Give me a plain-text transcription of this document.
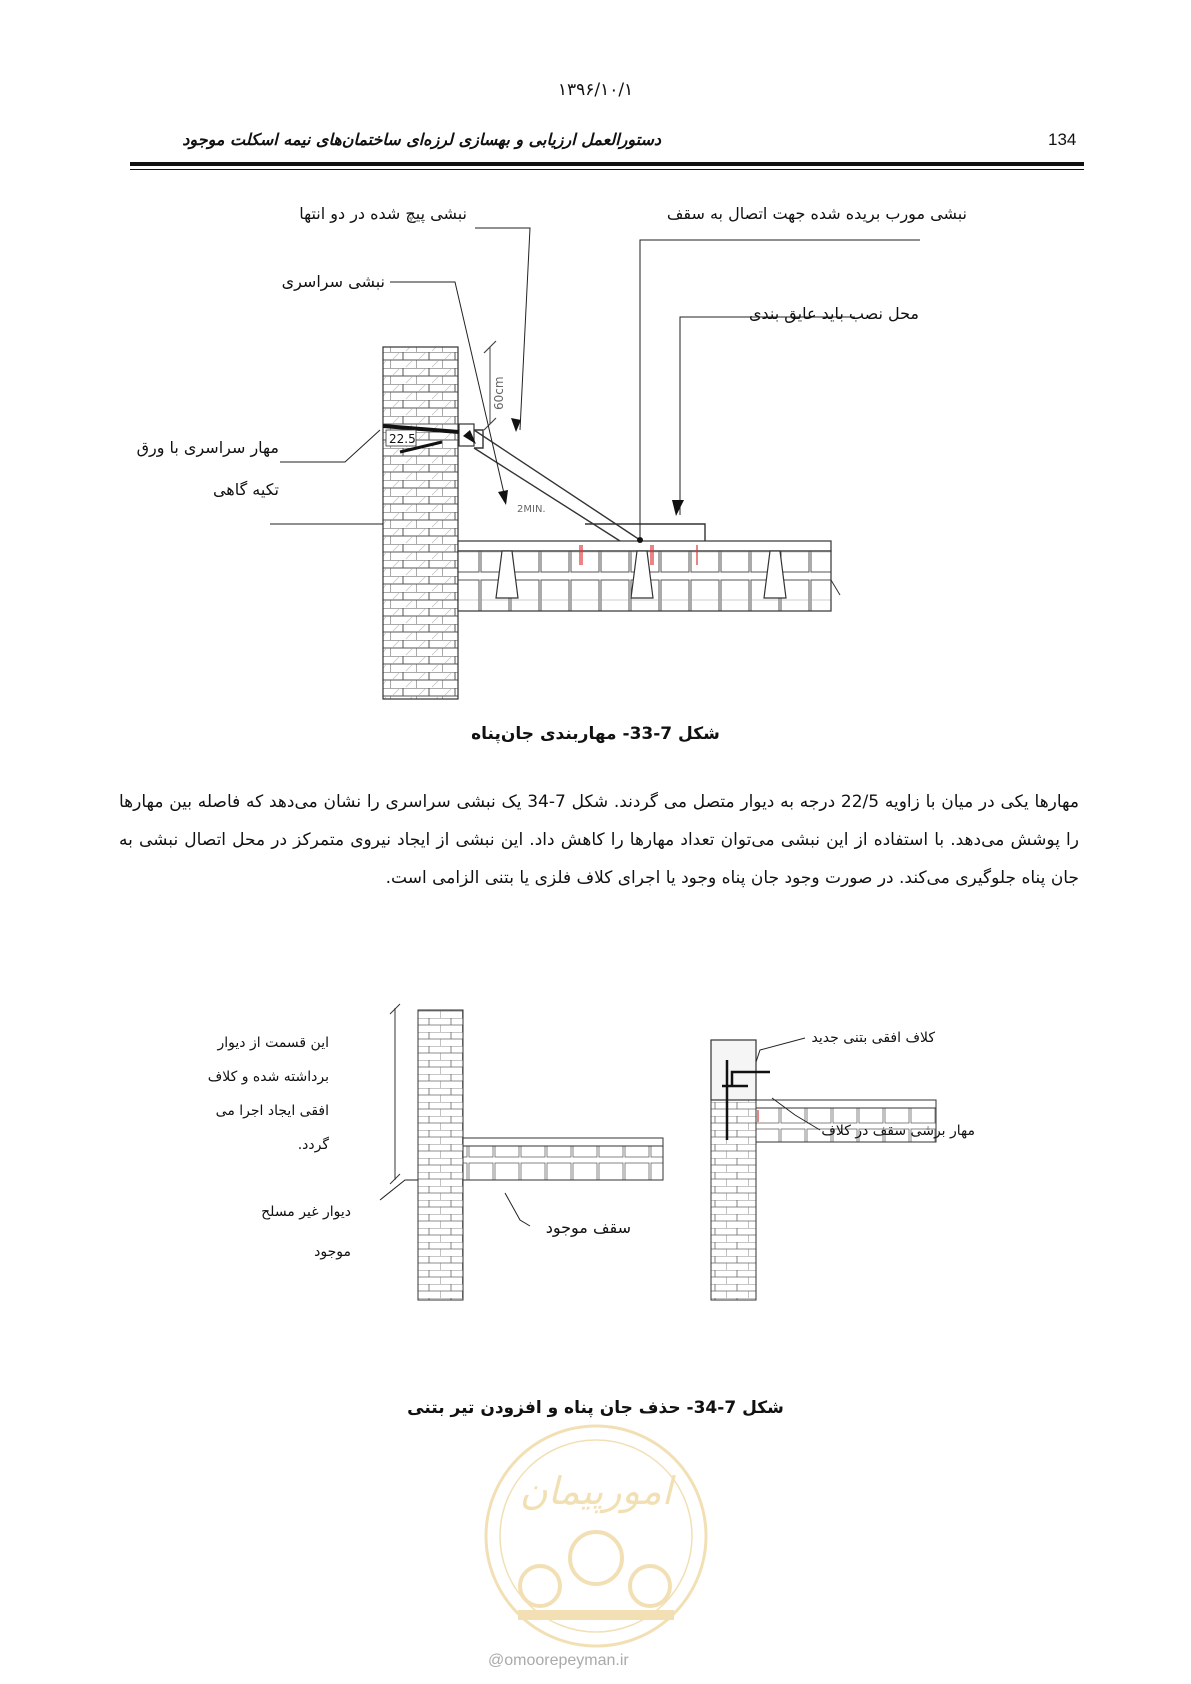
۱۳۹۶/۱۰/۱
دستورالعمل ارزیابی و بهسازی لرزه‌ای ساختمان‌های نیمه اسکلت موجود	134
60cm
2MIN.
22.5
نبشی پیچ شده در دو انتها	نبشی مورب بریده شده جهت اتصال به سقف
نبشی سراسری
محل نصب باید عایق بندی
مهار سراسری با ورق
تکیه گاهی
شکل 7-33- مهاربندی جان‌پناه
مهارها یکی در میان با زاویه 22/5 درجه به دیوار متصل می گردند. شکل 7-34 یک نبشی سراسری را نشان می‌دهد که فاصله بین مهارها را پوشش می‌دهد. با استفاده از این نبشی می‌توان تعداد مهارها را کاهش داد. این نبشی از ایجاد نیروی متمرکز در محل اتصال نبشی به جان پناه جلوگیری می‌کند. در صورت وجود جان پناه وجود یا اجرای کلاف فلزی یا بتنی الزامی است.
این قسمت از دیوار
برداشته شده و کلاف
افقی ایجاد اجرا می
گردد.
دیوار غیر مسلح
موجود
سقف موجود
کلاف افقی بتنی جدید
مهار برشی سقف در کلاف
شکل 7-34- حذف جان پناه و افزودن تیر بتنی
امورپیمان
@omoorepeyman.ir
